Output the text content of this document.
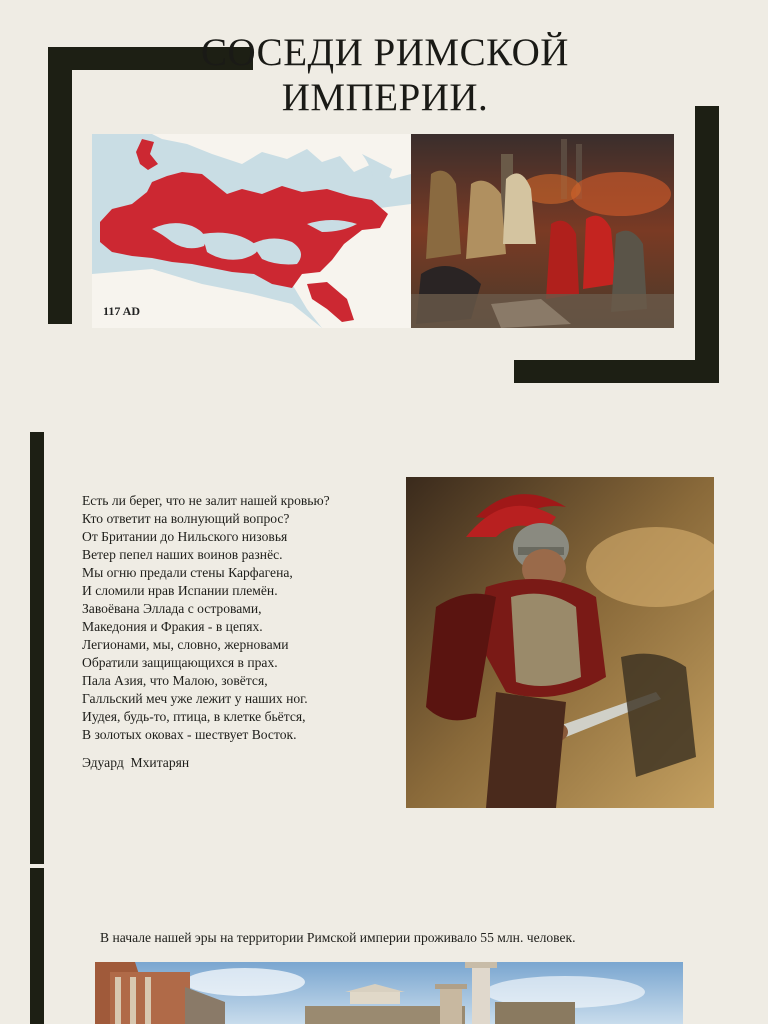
СОСЕДИ РИМСКОЙ
ИМПЕРИИ.
117 AD
Есть ли берег, что не залит нашей кровью?
Кто ответит на волнующий вопрос?
От Британии до Нильского низовья
Ветер пепел наших воинов разнёс.
Мы огню предали стены Карфагена,
И сломили нрав Испании племён.
Завоёвана Эллада с островами,
Македония и Фракия - в цепях.
Легионами, мы, словно, жерновами
Обратили защищающихся в прах.
Пала Азия, что Малою, зовётся,
Галльский меч уже лежит у наших ног.
Иудея, будь-то, птица, в клетке бьётся,
В золотых оковах - шествует Восток.
Эдуард  Мхитарян
В начале нашей эры на территории Римской империи проживало 55 млн. человек.
